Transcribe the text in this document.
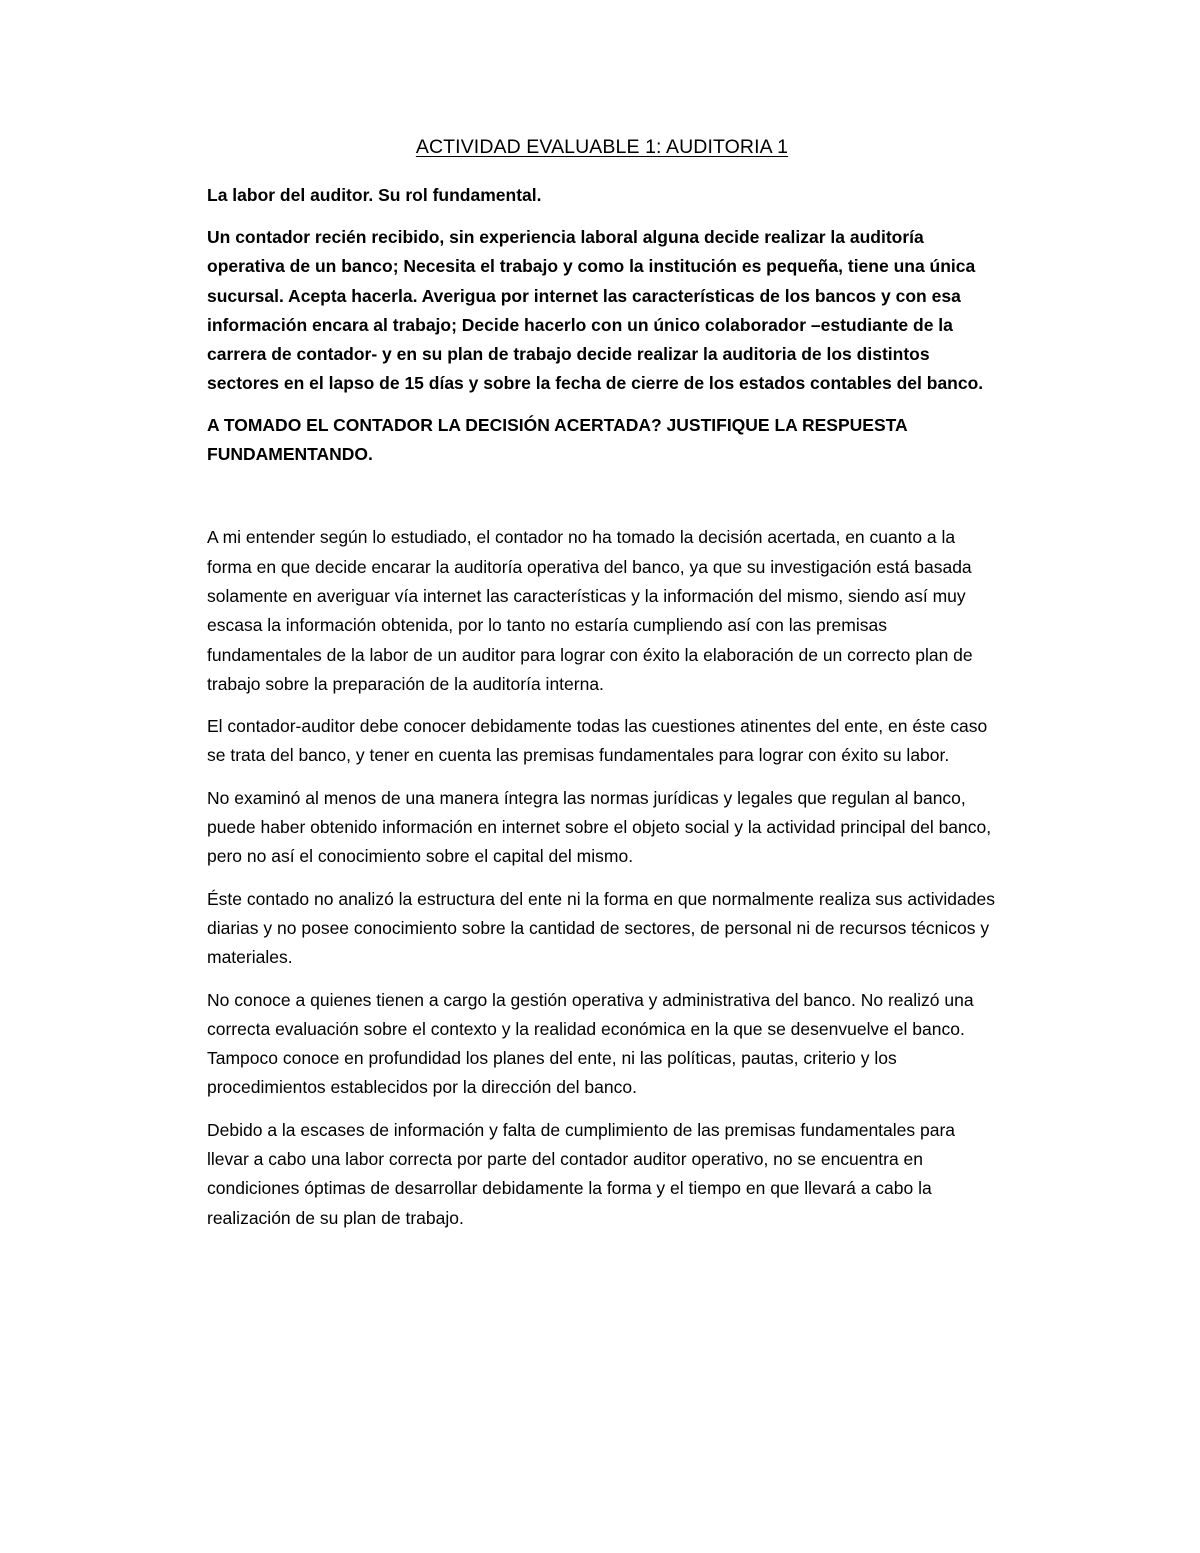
ACTIVIDAD EVALUABLE 1: AUDITORIA 1

La labor del auditor. Su rol fundamental.

Un contador recién recibido, sin experiencia laboral alguna decide realizar la auditoría operativa de un banco; Necesita el trabajo y como la institución es pequeña, tiene una única sucursal. Acepta hacerla. Averigua por internet las características de los bancos y con esa información encara al trabajo; Decide hacerlo con un único colaborador –estudiante de la carrera de contador- y en su plan de trabajo decide realizar la auditoria de los distintos sectores en el lapso de 15 días y sobre la fecha de cierre de los estados contables del banco.

A TOMADO EL CONTADOR LA DECISIÓN ACERTADA? JUSTIFIQUE LA RESPUESTA FUNDAMENTANDO.

A mi entender según lo estudiado, el contador no ha tomado la decisión acertada, en cuanto a la forma en que decide encarar la auditoría operativa del banco, ya que su investigación está basada solamente en averiguar vía internet las características y la información del mismo, siendo así muy escasa la información obtenida, por lo tanto no estaría cumpliendo así con las premisas fundamentales de la labor de un auditor para lograr con éxito la elaboración de un correcto plan de trabajo sobre la preparación de la auditoría interna.

El contador-auditor debe conocer debidamente todas las cuestiones atinentes del ente, en éste caso se trata del banco, y tener en cuenta las premisas fundamentales para lograr con éxito su labor.

No examinó al menos de una manera íntegra las normas jurídicas y legales que regulan al banco, puede haber obtenido información en internet sobre el objeto social y la actividad principal del banco, pero no así el conocimiento sobre el capital del mismo.

Éste contado no analizó la estructura del ente ni la forma en que normalmente realiza sus actividades diarias y no posee conocimiento sobre la cantidad de sectores, de personal ni de recursos técnicos y materiales.

No conoce a quienes tienen a cargo la gestión operativa y administrativa del banco. No realizó una correcta evaluación sobre el contexto y la realidad económica en la que se desenvuelve el banco. Tampoco conoce en profundidad los planes del ente, ni las políticas, pautas, criterio y los procedimientos establecidos por la dirección del banco.

Debido a la escases de información y falta de cumplimiento de las premisas fundamentales para llevar a cabo una labor correcta por parte del contador auditor operativo, no se encuentra en condiciones óptimas de desarrollar debidamente la forma y el tiempo en que llevará a cabo la realización de su plan de trabajo.
